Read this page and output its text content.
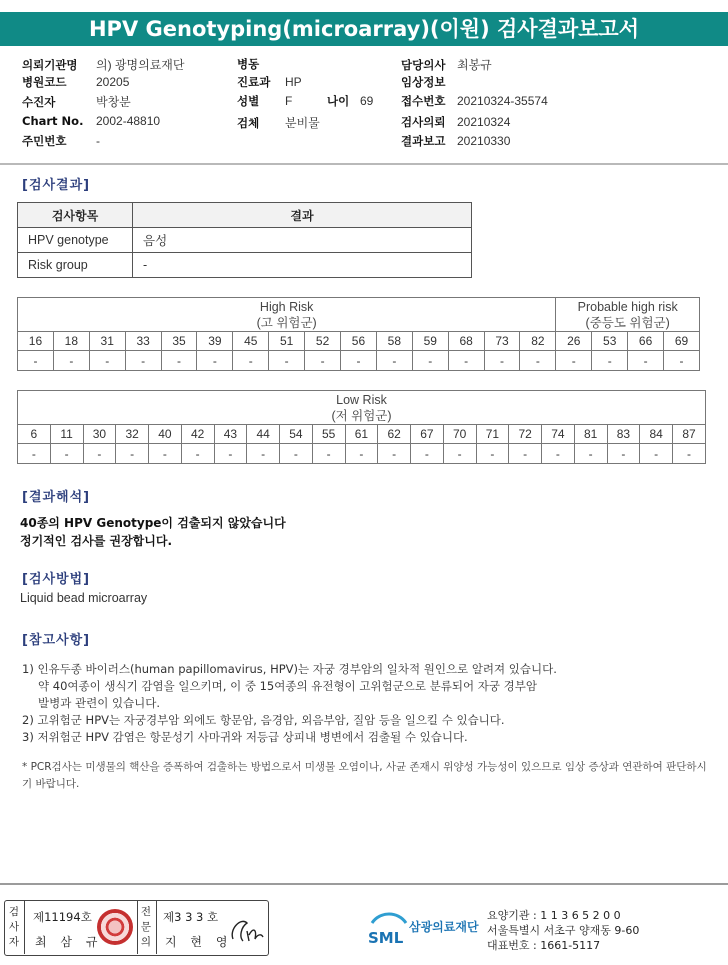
HPV Genotyping(microarray)(이원) 검사결과보고서
의뢰기관명 의) 광명의료재단
병원코드 20205
수진자	박창분
Chart No. 2002-48810
주민번호 -
병동
진료과 HP
성별 F	나이 69
검체 분비물
담당의사 최봉규
임상정보
접수번호 20210324-35574
검사의뢰 20210324
결과보고 20210330
[검사결과]
검사항목	결과
HPV genotype	음성
Risk group	-
High Risk
(고 위험군)															Probable high risk
(중등도 위험군)			
16	18	31	33	35	39	45	51	52	56	58	59	68	73	82	26	53	66	69
-	-	-	-	-	-	-	-	-	-	-	-	-	-	-	-	-	-	-
Low Risk
(저 위험군)																				
6	11	30	32	40	42	43	44	54	55	61	62	67	70	71	72	74	81	83	84	87
-	-	-	-	-	-	-	-	-	-	-	-	-	-	-	-	-	-	-	-	-
[결과해석]
40종의 HPV Genotype이 검출되지 않았습니다
정기적인 검사를 권장합니다.
[검사방법]
Liquid bead microarray
[참고사항]
1) 인유두종 바이러스(human papillomavirus, HPV)는 자궁 경부암의 일차적 원인으로 알려져 있습니다.
약 40여종이 생식기 감염을 일으키며, 이 중 15여종의 유전형이 고위험군으로 분류되어 자궁 경부암
발병과 관련이 있습니다.
2) 고위험군 HPV는 자궁경부암 외에도 항문암, 음경암, 외음부암, 질암 등을 일으킬 수 있습니다.
3) 저위험군 HPV 감염은 항문성기 사마귀와 저등급 상피내 병변에서 검출될 수 있습니다.
* PCR검사는 미생물의 핵산을 증폭하여 검출하는 방법으로서 미생물 오염이나, 사균 존재시 위양성 가능성이 있으므로 임상 증상과 연관하여 판단하시기 바랍니다.
검사자
제11194호
최 삼 규
전문의
제3 3 3 호
지 현 영	SML
삼광의료재단
요양기관 : 1 1 3 6 5 2 0 0
서울특별시 서초구 양재동 9-60
대표번호 : 1661-5117
